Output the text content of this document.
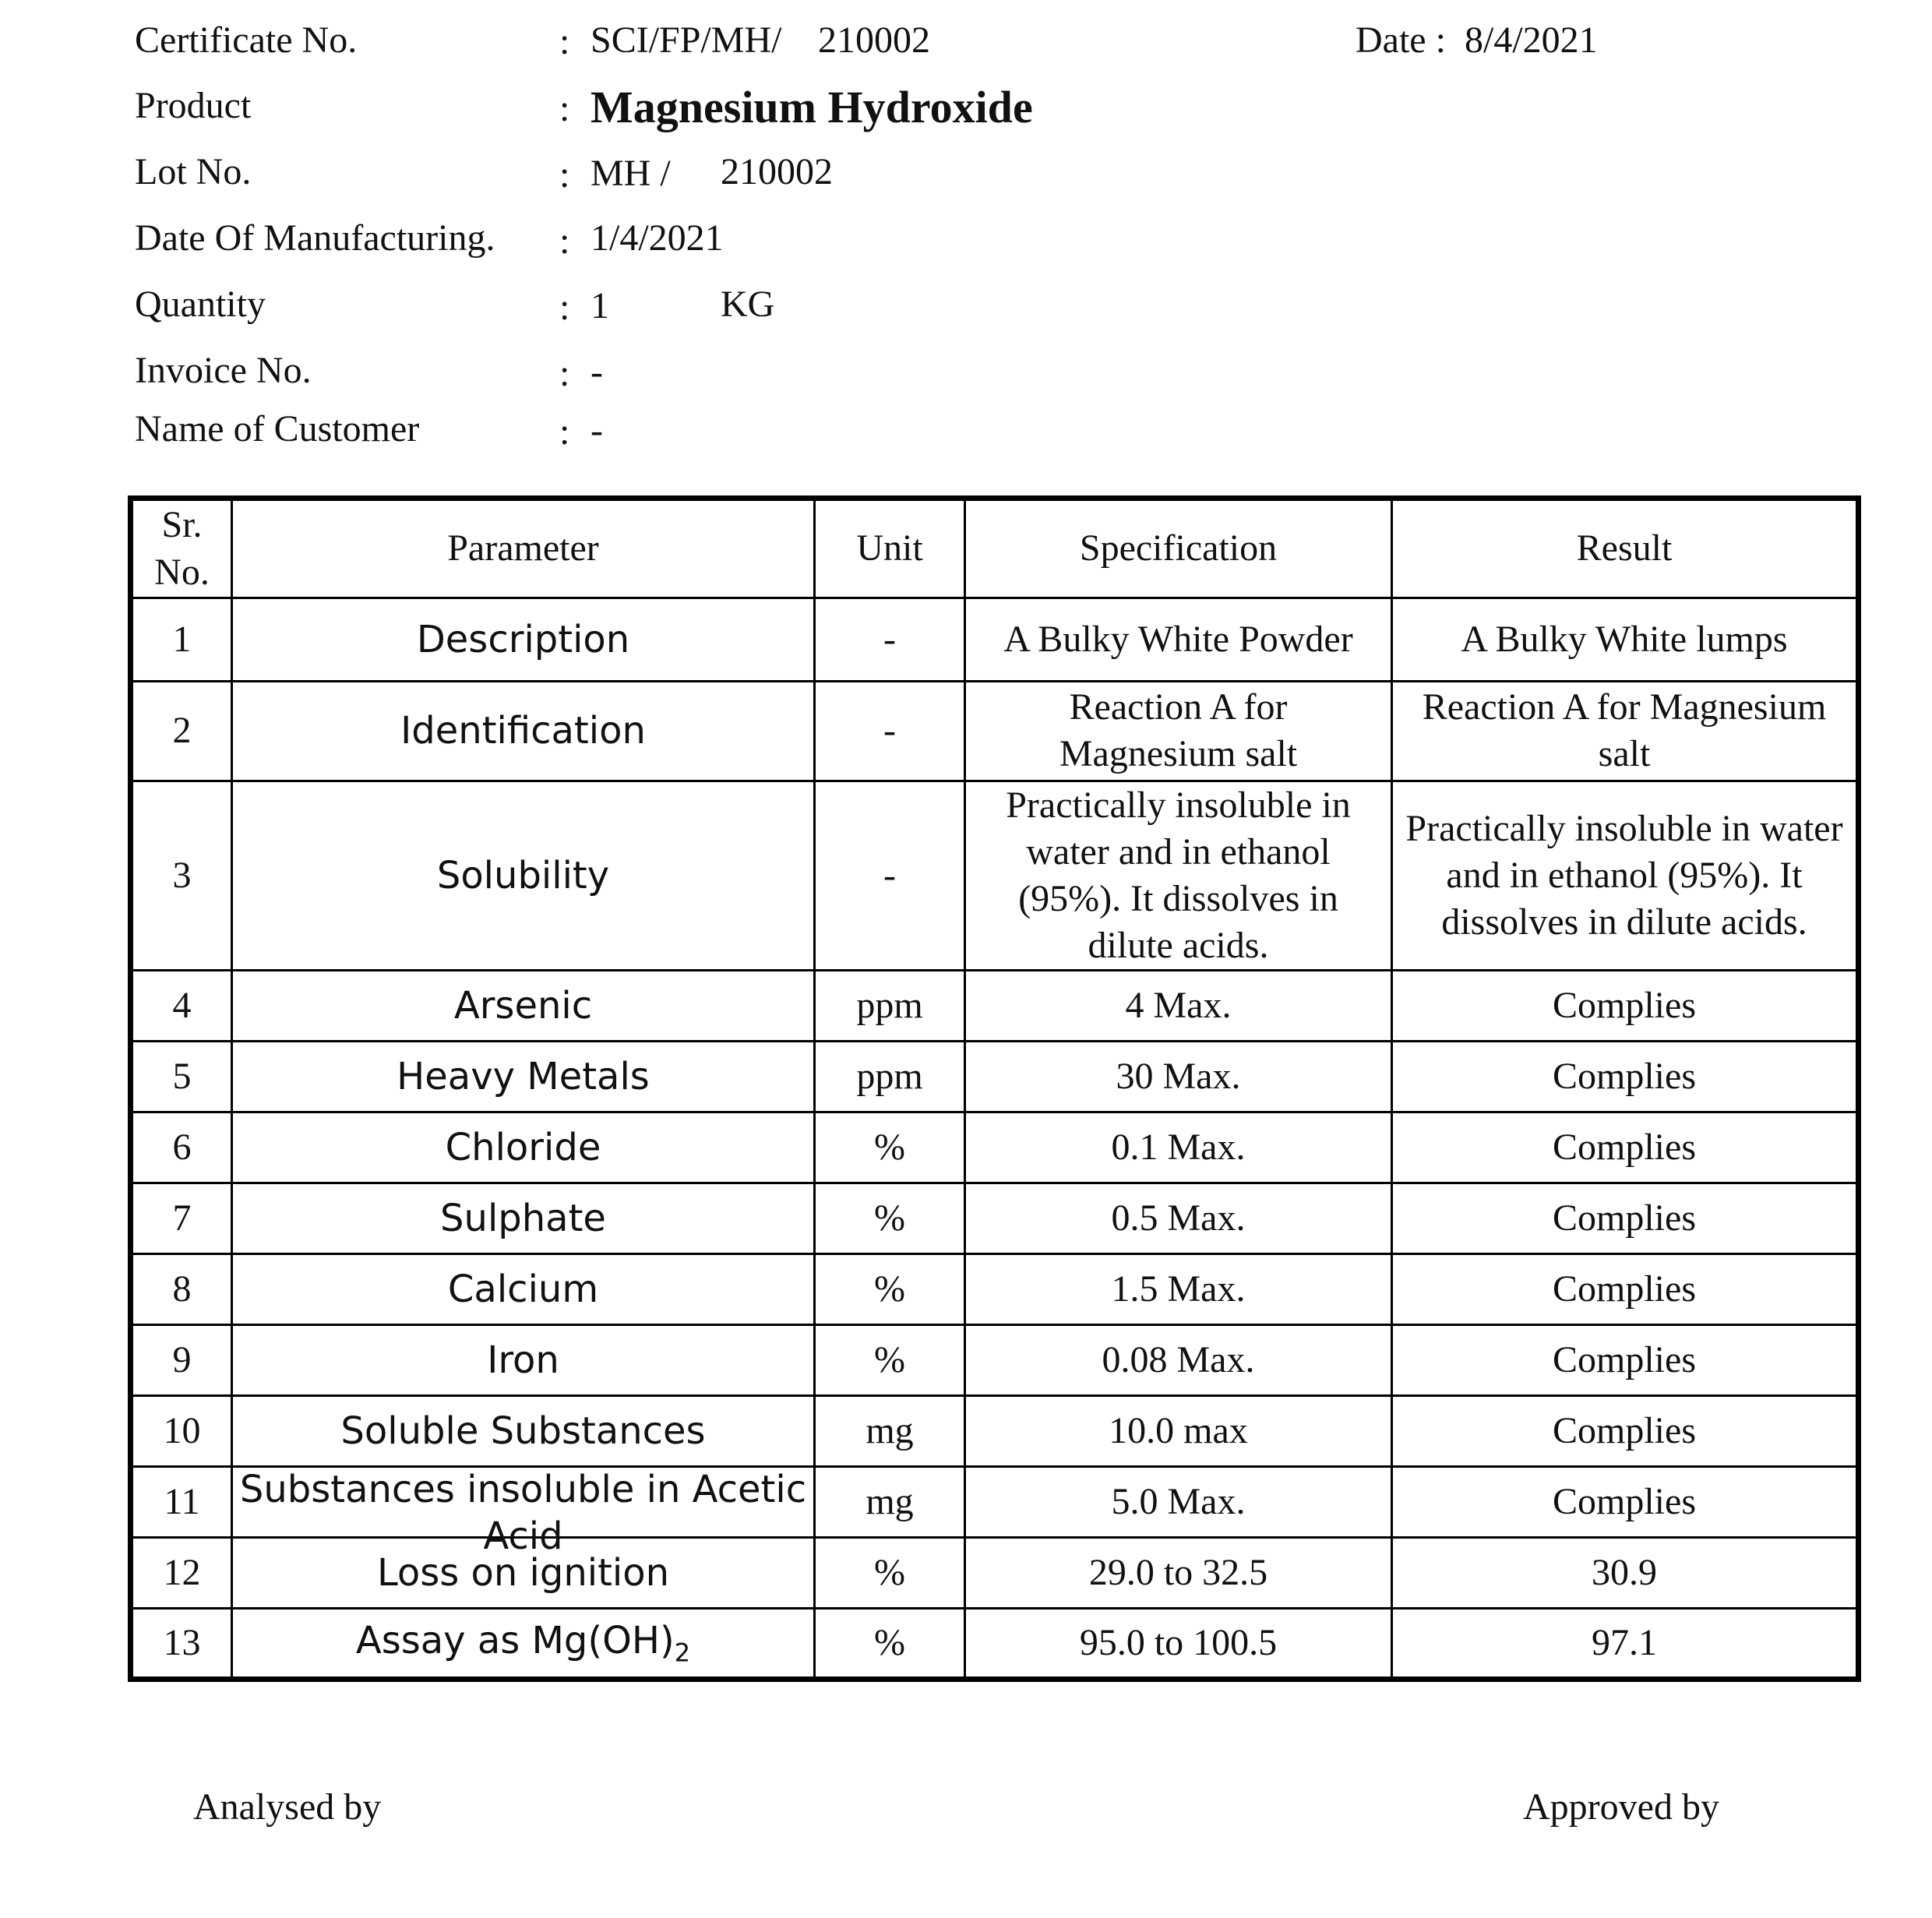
Certificate No.	: SCI/FP/MH/ 210002	Date : 8/4/2021
Product	: Magnesium Hydroxide
Lot No.	: MH / 210002
Date Of Manufacturing. : 1/4/2021
Quantity	: 1	KG
Invoice No.	: -
Name of Customer	: -
Sr. No.	Parameter	Unit	Specification	Result
1	Description	-	A Bulky White Powder	A Bulky White lumps
2	Identification	-	Reaction A for Magnesium salt	Reaction A for Magnesium salt
3	Solubility	-	Practically insoluble in water and in ethanol (95%). It dissolves in dilute acids.	Practically insoluble in water and in ethanol (95%). It dissolves in dilute acids.
4	Arsenic	ppm	4 Max.	Complies
5	Heavy Metals	ppm	30 Max.	Complies
6	Chloride	%	0.1 Max.	Complies
7	Sulphate	%	0.5 Max.	Complies
8	Calcium	%	1.5 Max.	Complies
9	Iron	%	0.08 Max.	Complies
10	Soluble Substances	mg	10.0 max	Complies
11	Substances insoluble in Acetic Acid	mg	5.0 Max.	Complies
12	Loss on ignition	%	29.0 to 32.5	30.9
13	Assay as $Mg(OH)_2$	%	95.0 to 100.5	97.1
Analysed by	Approved by
